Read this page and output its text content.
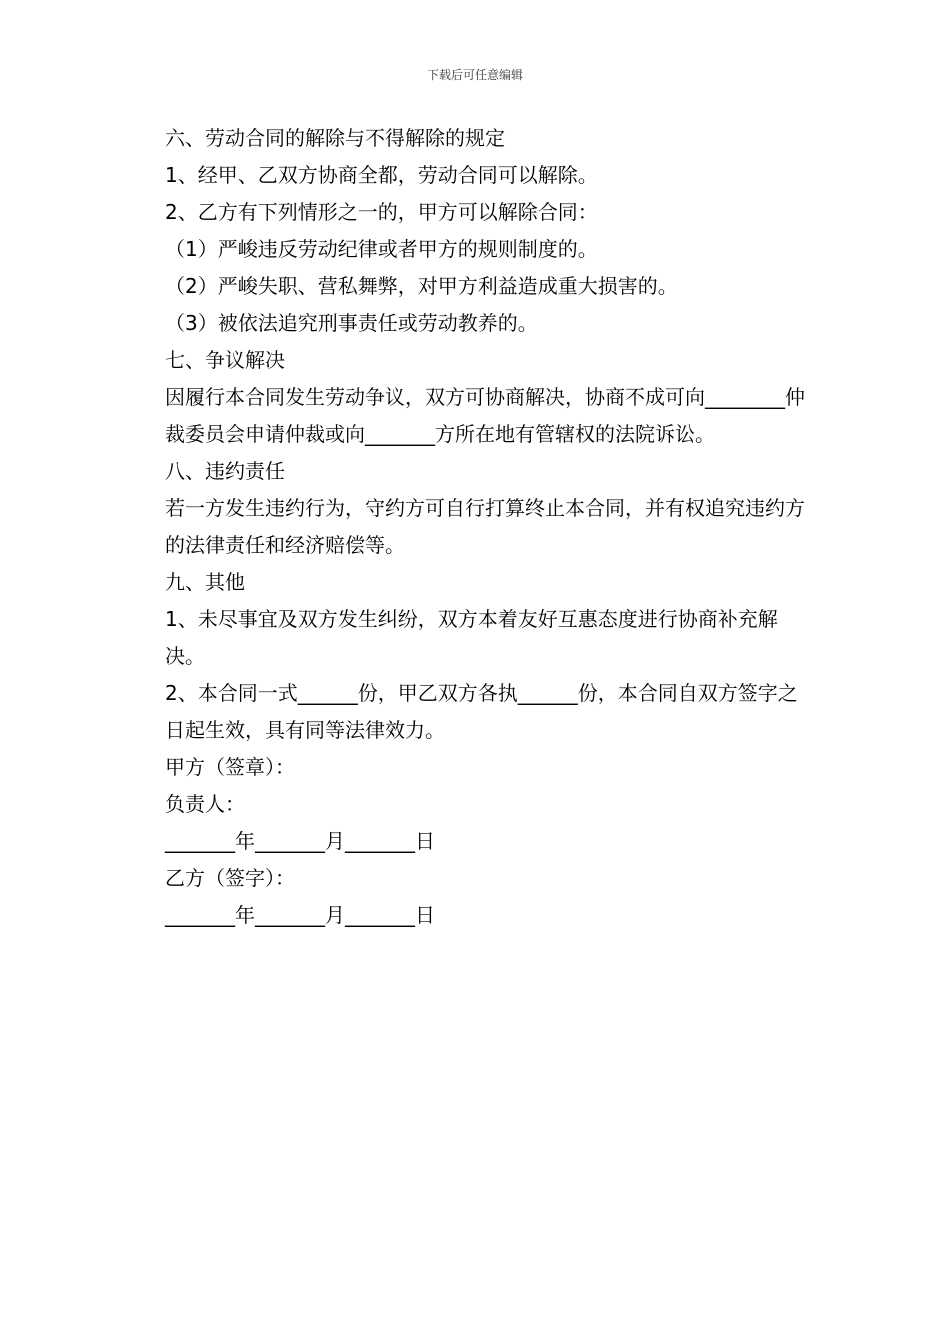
下载后可任意编辑

六、劳动合同的解除与不得解除的规定

1、经甲、乙双方协商全都，劳动合同可以解除。

2、乙方有下列情形之一的，甲方可以解除合同：

（1）严峻违反劳动纪律或者甲方的规则制度的。

（2）严峻失职、营私舞弊，对甲方利益造成重大损害的。

（3）被依法追究刑事责任或劳动教养的。

七、争议解决

因履行本合同发生劳动争议，双方可协商解决，协商不成可向________仲裁委员会申请仲裁或向_______方所在地有管辖权的法院诉讼。

八、违约责任

若一方发生违约行为，守约方可自行打算终止本合同，并有权追究违约方的法律责任和经济赔偿等。

九、其他

1、未尽事宜及双方发生纠纷，双方本着友好互惠态度进行协商补充解决。

2、本合同一式______份，甲乙双方各执______份，本合同自双方签字之日起生效，具有同等法律效力。

甲方（签章）：

负责人：

_______年_______月_______日

乙方（签字）：

_______年_______月_______日
